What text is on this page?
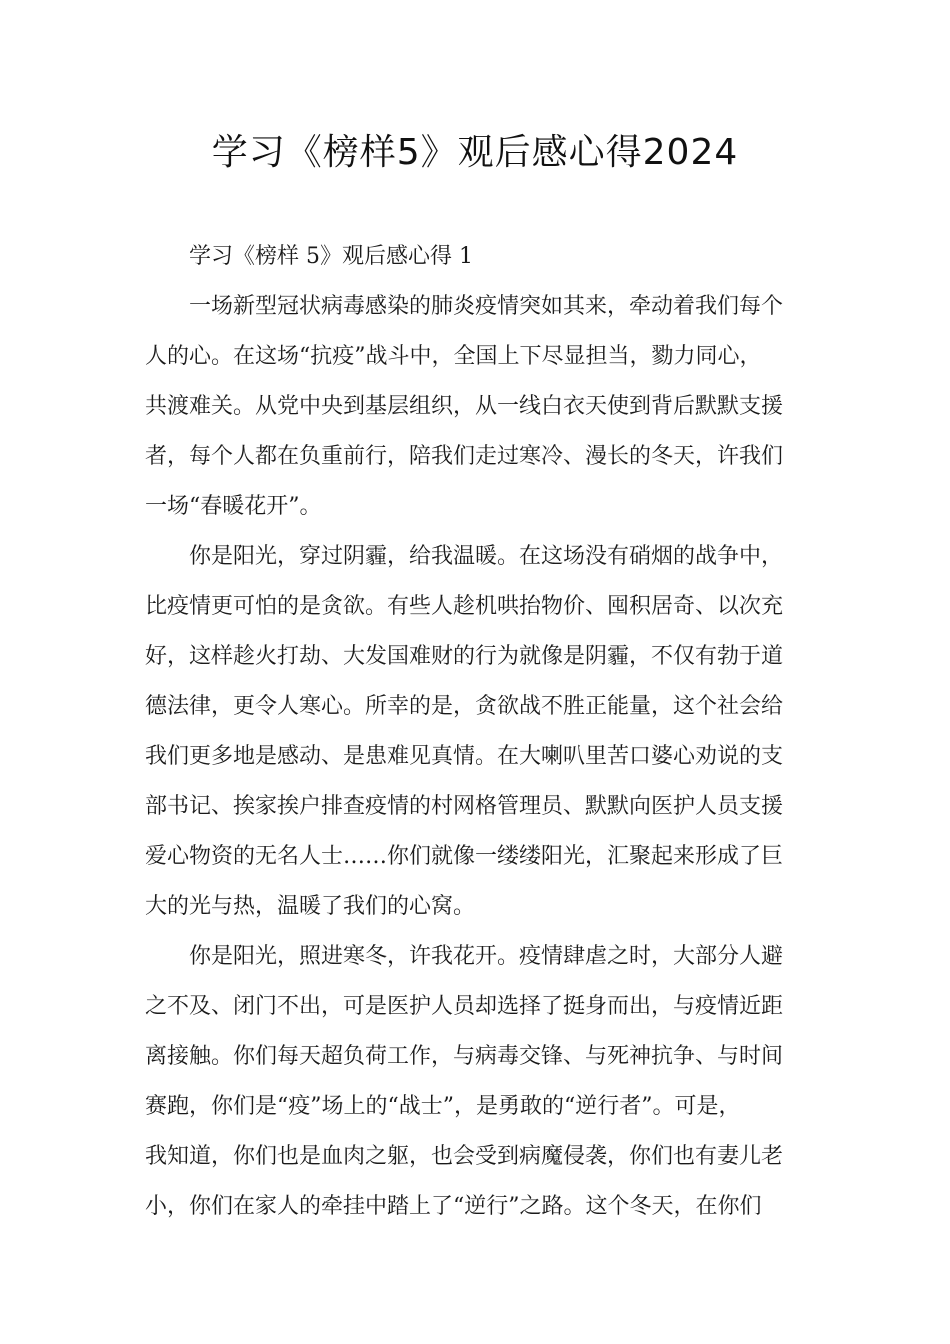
学习《榜样5》观后感心得2024
学习《榜样 5》观后感心得 1
一场新型冠状病毒感染的肺炎疫情突如其来，牵动着我们每个
人的心。在这场“抗疫”战斗中，全国上下尽显担当，勠力同心，
共渡难关。从党中央到基层组织，从一线白衣天使到背后默默支援
者，每个人都在负重前行，陪我们走过寒冷、漫长的冬天，许我们
一场“春暖花开”。
你是阳光，穿过阴霾，给我温暖。在这场没有硝烟的战争中，
比疫情更可怕的是贪欲。有些人趁机哄抬物价、囤积居奇、以次充
好，这样趁火打劫、大发国难财的行为就像是阴霾，不仅有勃于道
德法律，更令人寒心。所幸的是，贪欲战不胜正能量，这个社会给
我们更多地是感动、是患难见真情。在大喇叭里苦口婆心劝说的支
部书记、挨家挨户排查疫情的村网格管理员、默默向医护人员支援
爱心物资的无名人士……你们就像一缕缕阳光，汇聚起来形成了巨
大的光与热，温暖了我们的心窝。
你是阳光，照进寒冬，许我花开。疫情肆虐之时，大部分人避
之不及、闭门不出，可是医护人员却选择了挺身而出，与疫情近距
离接触。你们每天超负荷工作，与病毒交锋、与死神抗争、与时间
赛跑，你们是“疫”场上的“战士”，是勇敢的“逆行者”。可是，
我知道，你们也是血肉之躯，也会受到病魔侵袭，你们也有妻儿老
小，你们在家人的牵挂中踏上了“逆行”之路。这个冬天，在你们
